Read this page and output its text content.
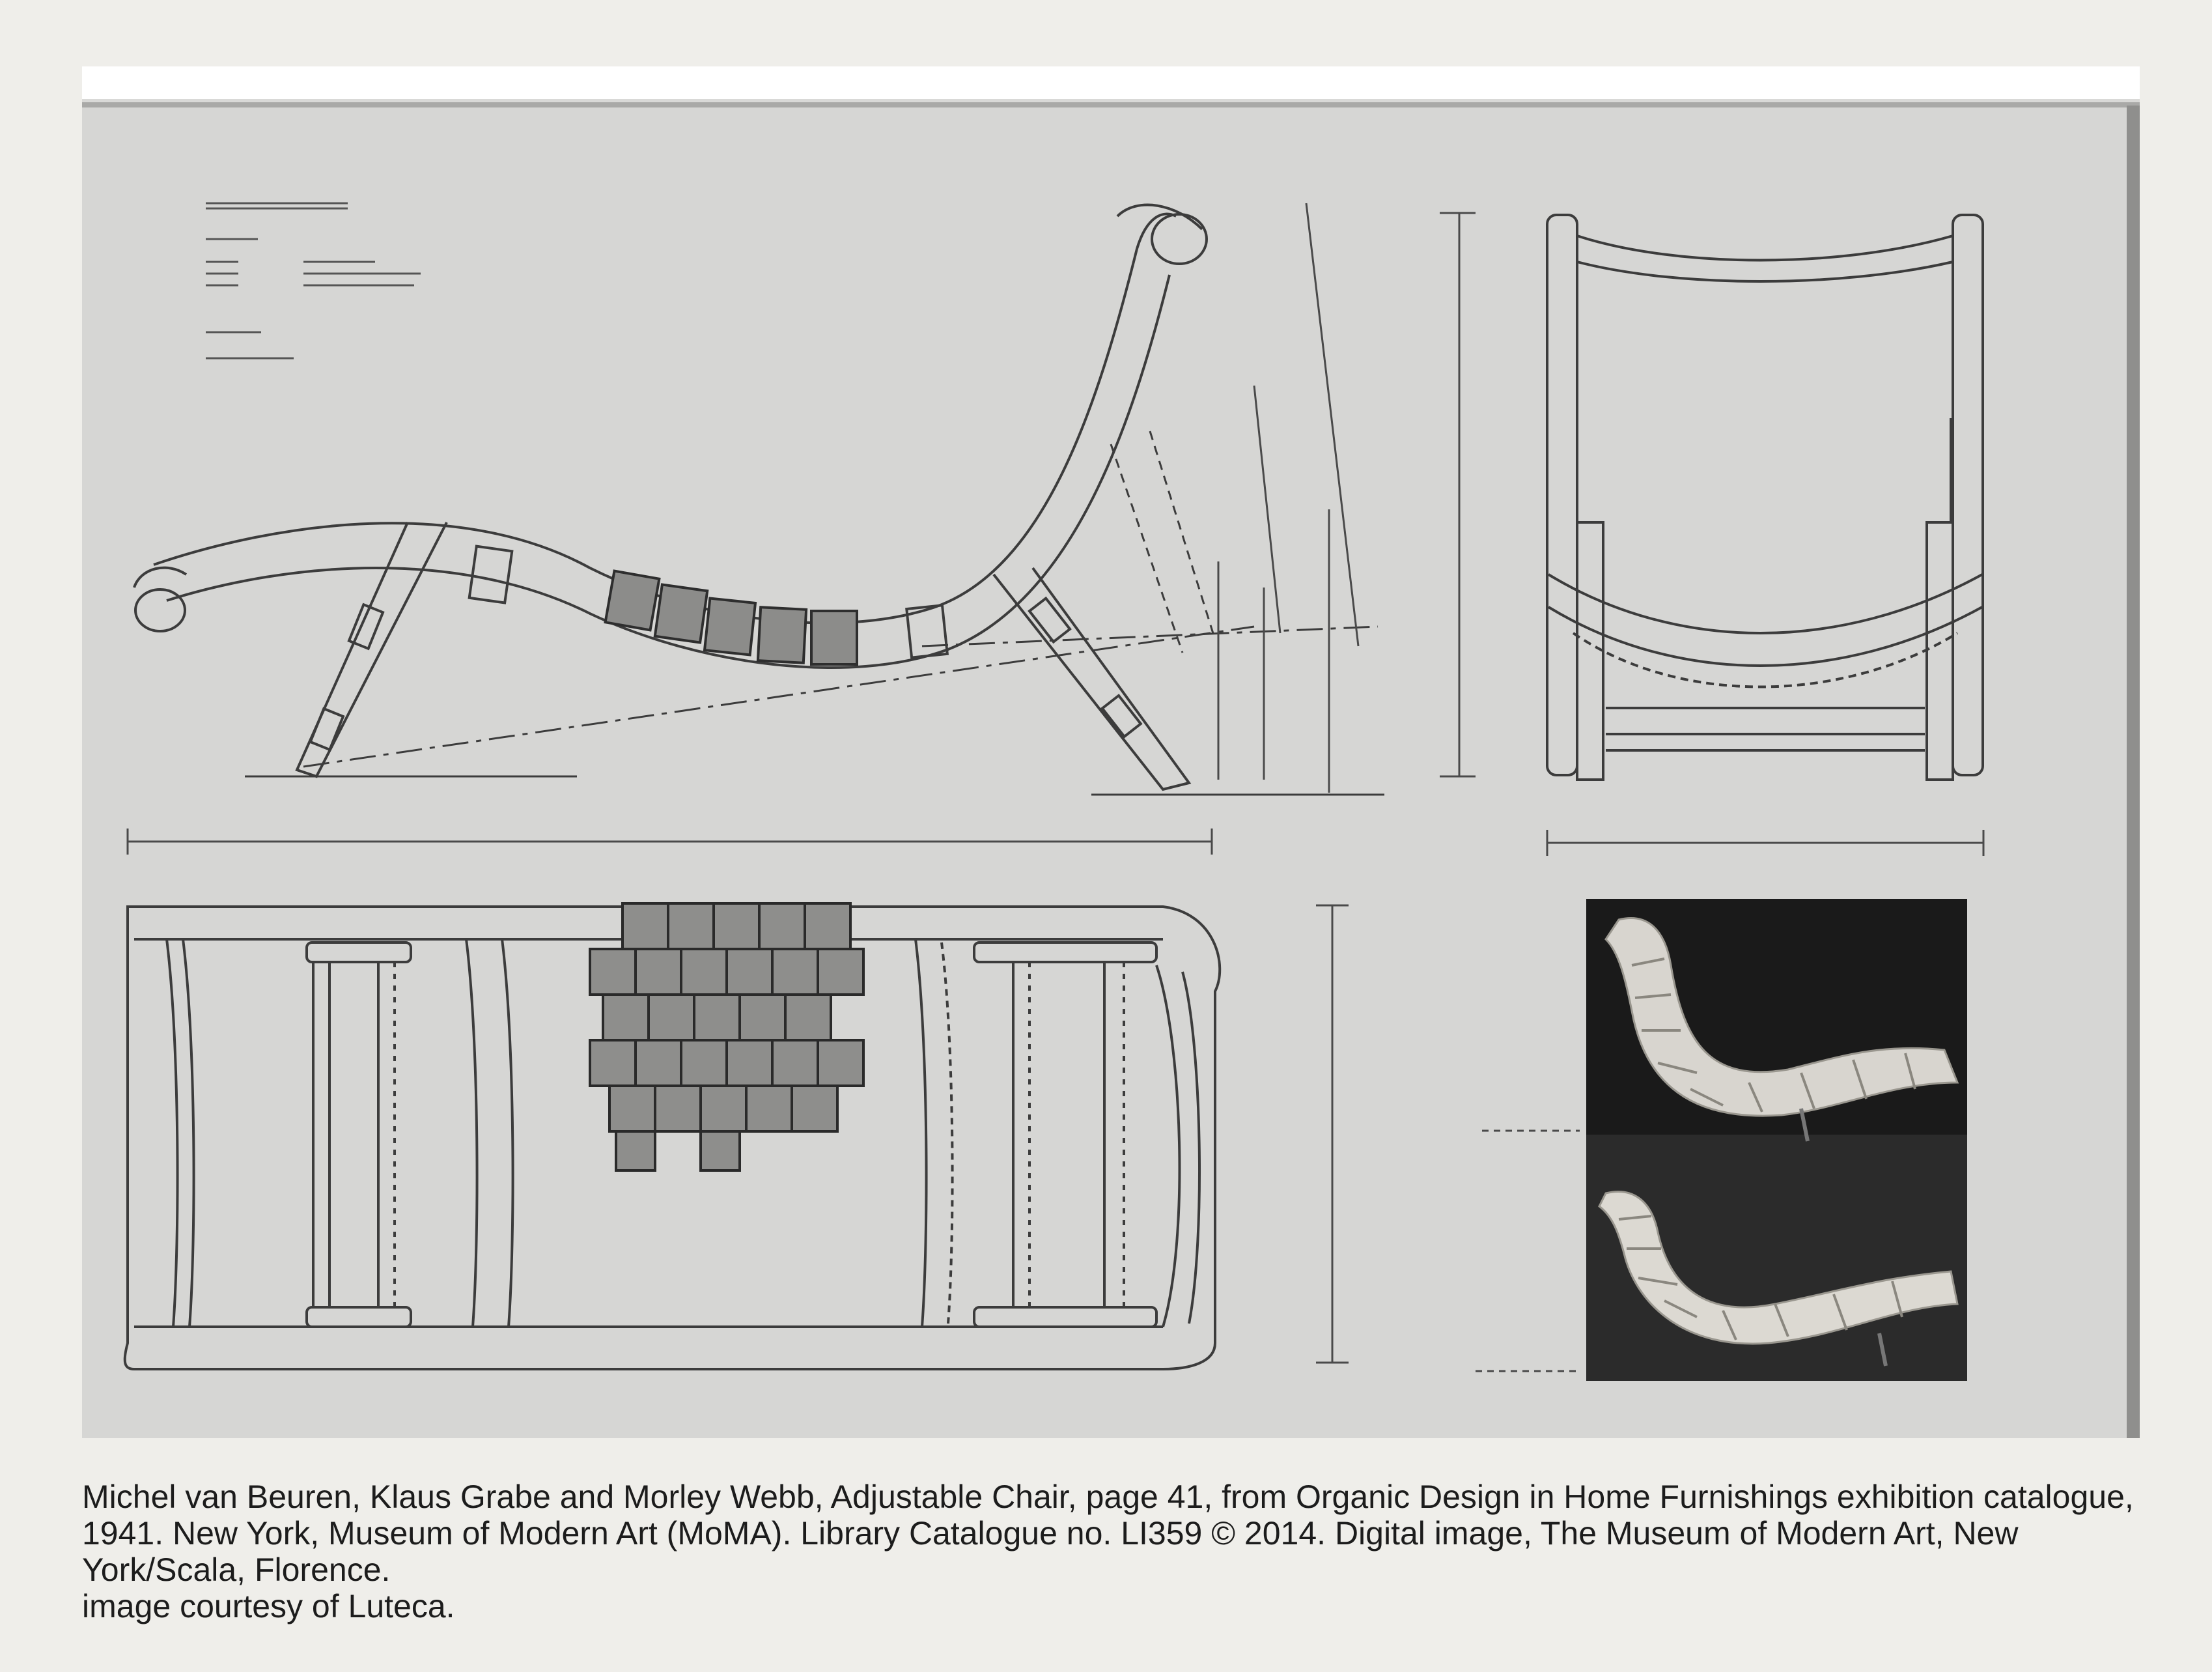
Michel van Beuren, Klaus Grabe and Morley Webb, Adjustable Chair, page 41, from Organic Design in Home Furnishings exhibition catalogue, 1941. New York, Museum of Modern Art (MoMA). Library Catalogue no. LI359 © 2014. Digital image, The Museum of Modern Art, New York/Scala, Florence.

image courtesy of Luteca.
